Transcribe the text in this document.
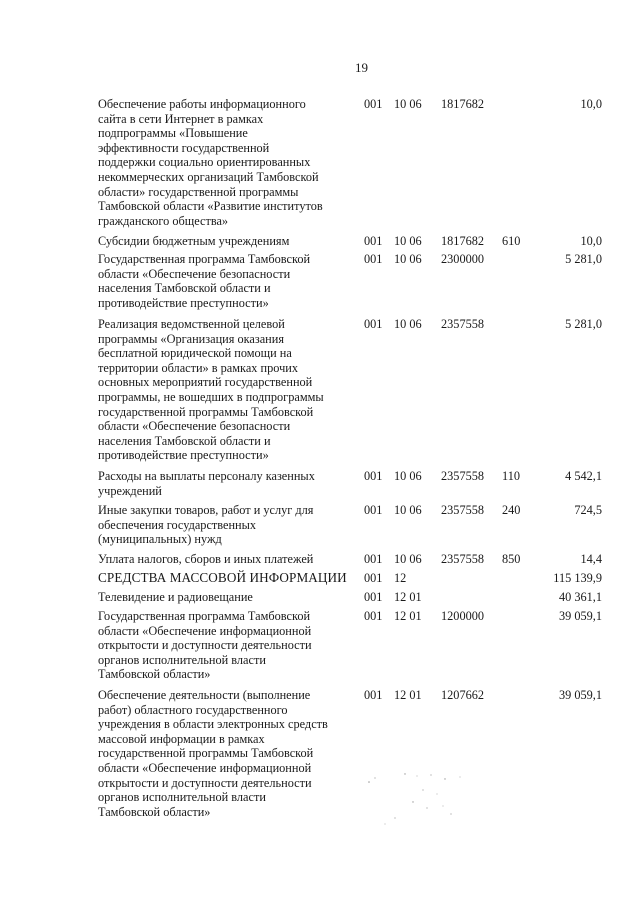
19
Обеспечение работы информационного
сайта в сети Интернет в рамках
подпрограммы «Повышение
эффективности государственной
поддержки социально ориентированных
некоммерческих организаций Тамбовской
области» государственной программы
Тамбовской области «Развитие институтов
гражданского общества»
001 10 06 1817682	10,0
Субсидии бюджетным учреждениям	001 10 06 1817682 610	10,0
Государственная программа Тамбовской
области «Обеспечение безопасности
населения Тамбовской области и
противодействие преступности»
001 10 06 2300000	5 281,0
Реализация ведомственной целевой
программы «Организация оказания
бесплатной юридической помощи на
территории области» в рамках прочих
основных мероприятий государственной
программы, не вошедших в подпрограммы
государственной программы Тамбовской
области «Обеспечение безопасности
населения Тамбовской области и
противодействие преступности»
001 10 06 2357558	5 281,0
Расходы на выплаты персоналу казенных
учреждений
001 10 06 2357558 110	4 542,1
Иные закупки товаров, работ и услуг для
обеспечения государственных
(муниципальных) нужд
001 10 06 2357558 240	724,5
Уплата налогов, сборов и иных платежей	001 10 06 2357558 850	14,4
СРЕДСТВА МАССОВОЙ ИНФОРМАЦИИ	001 12	115 139,9
Телевидение и радиовещание	001 12 01	40 361,1
Государственная программа Тамбовской
области «Обеспечение информационной
открытости и доступности деятельности
органов исполнительной власти
Тамбовской области»
001 12 01 1200000	39 059,1
Обеспечение деятельности (выполнение
работ) областного государственного
учреждения в области электронных средств
массовой информации в рамках
государственной программы Тамбовской
области «Обеспечение информационной
открытости и доступности деятельности
органов исполнительной власти
Тамбовской области»
001 12 01 1207662	39 059,1
